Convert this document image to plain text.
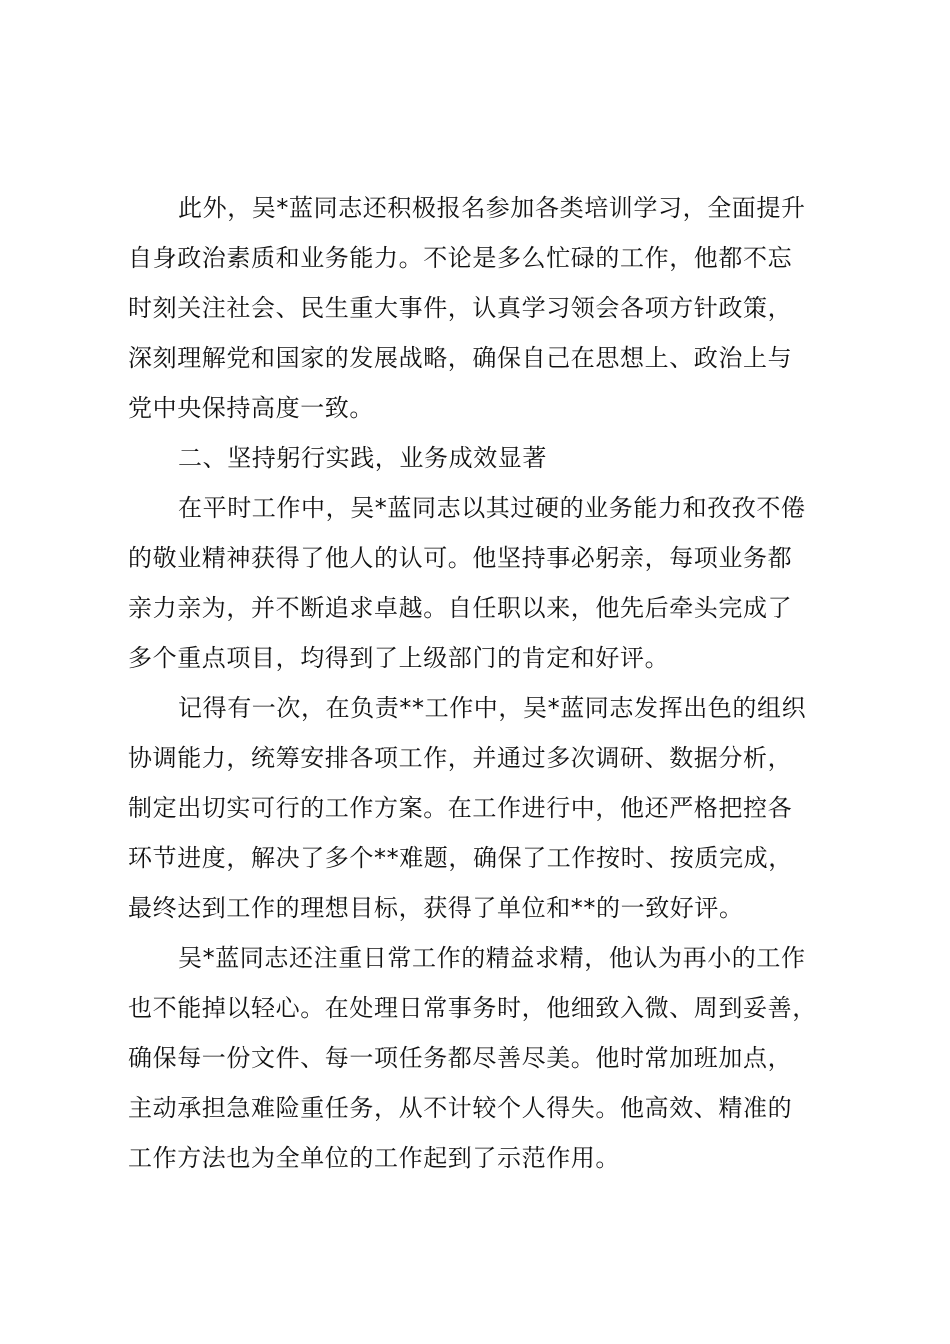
此外，吴*蓝同志还积极报名参加各类培训学习，全面提升
自身政治素质和业务能力。不论是多么忙碌的工作，他都不忘
时刻关注社会、民生重大事件，认真学习领会各项方针政策，
深刻理解党和国家的发展战略，确保自己在思想上、政治上与
党中央保持高度一致。
二、坚持躬行实践，业务成效显著
在平时工作中，吴*蓝同志以其过硬的业务能力和孜孜不倦
的敬业精神获得了他人的认可。他坚持事必躬亲，每项业务都
亲力亲为，并不断追求卓越。自任职以来，他先后牵头完成了
多个重点项目，均得到了上级部门的肯定和好评。
记得有一次，在负责**工作中，吴*蓝同志发挥出色的组织
协调能力，统筹安排各项工作，并通过多次调研、数据分析，
制定出切实可行的工作方案。在工作进行中，他还严格把控各
环节进度，解决了多个**难题，确保了工作按时、按质完成，
最终达到工作的理想目标，获得了单位和**的一致好评。
吴*蓝同志还注重日常工作的精益求精，他认为再小的工作
也不能掉以轻心。在处理日常事务时，他细致入微、周到妥善，
确保每一份文件、每一项任务都尽善尽美。他时常加班加点，
主动承担急难险重任务，从不计较个人得失。他高效、精准的
工作方法也为全单位的工作起到了示范作用。
